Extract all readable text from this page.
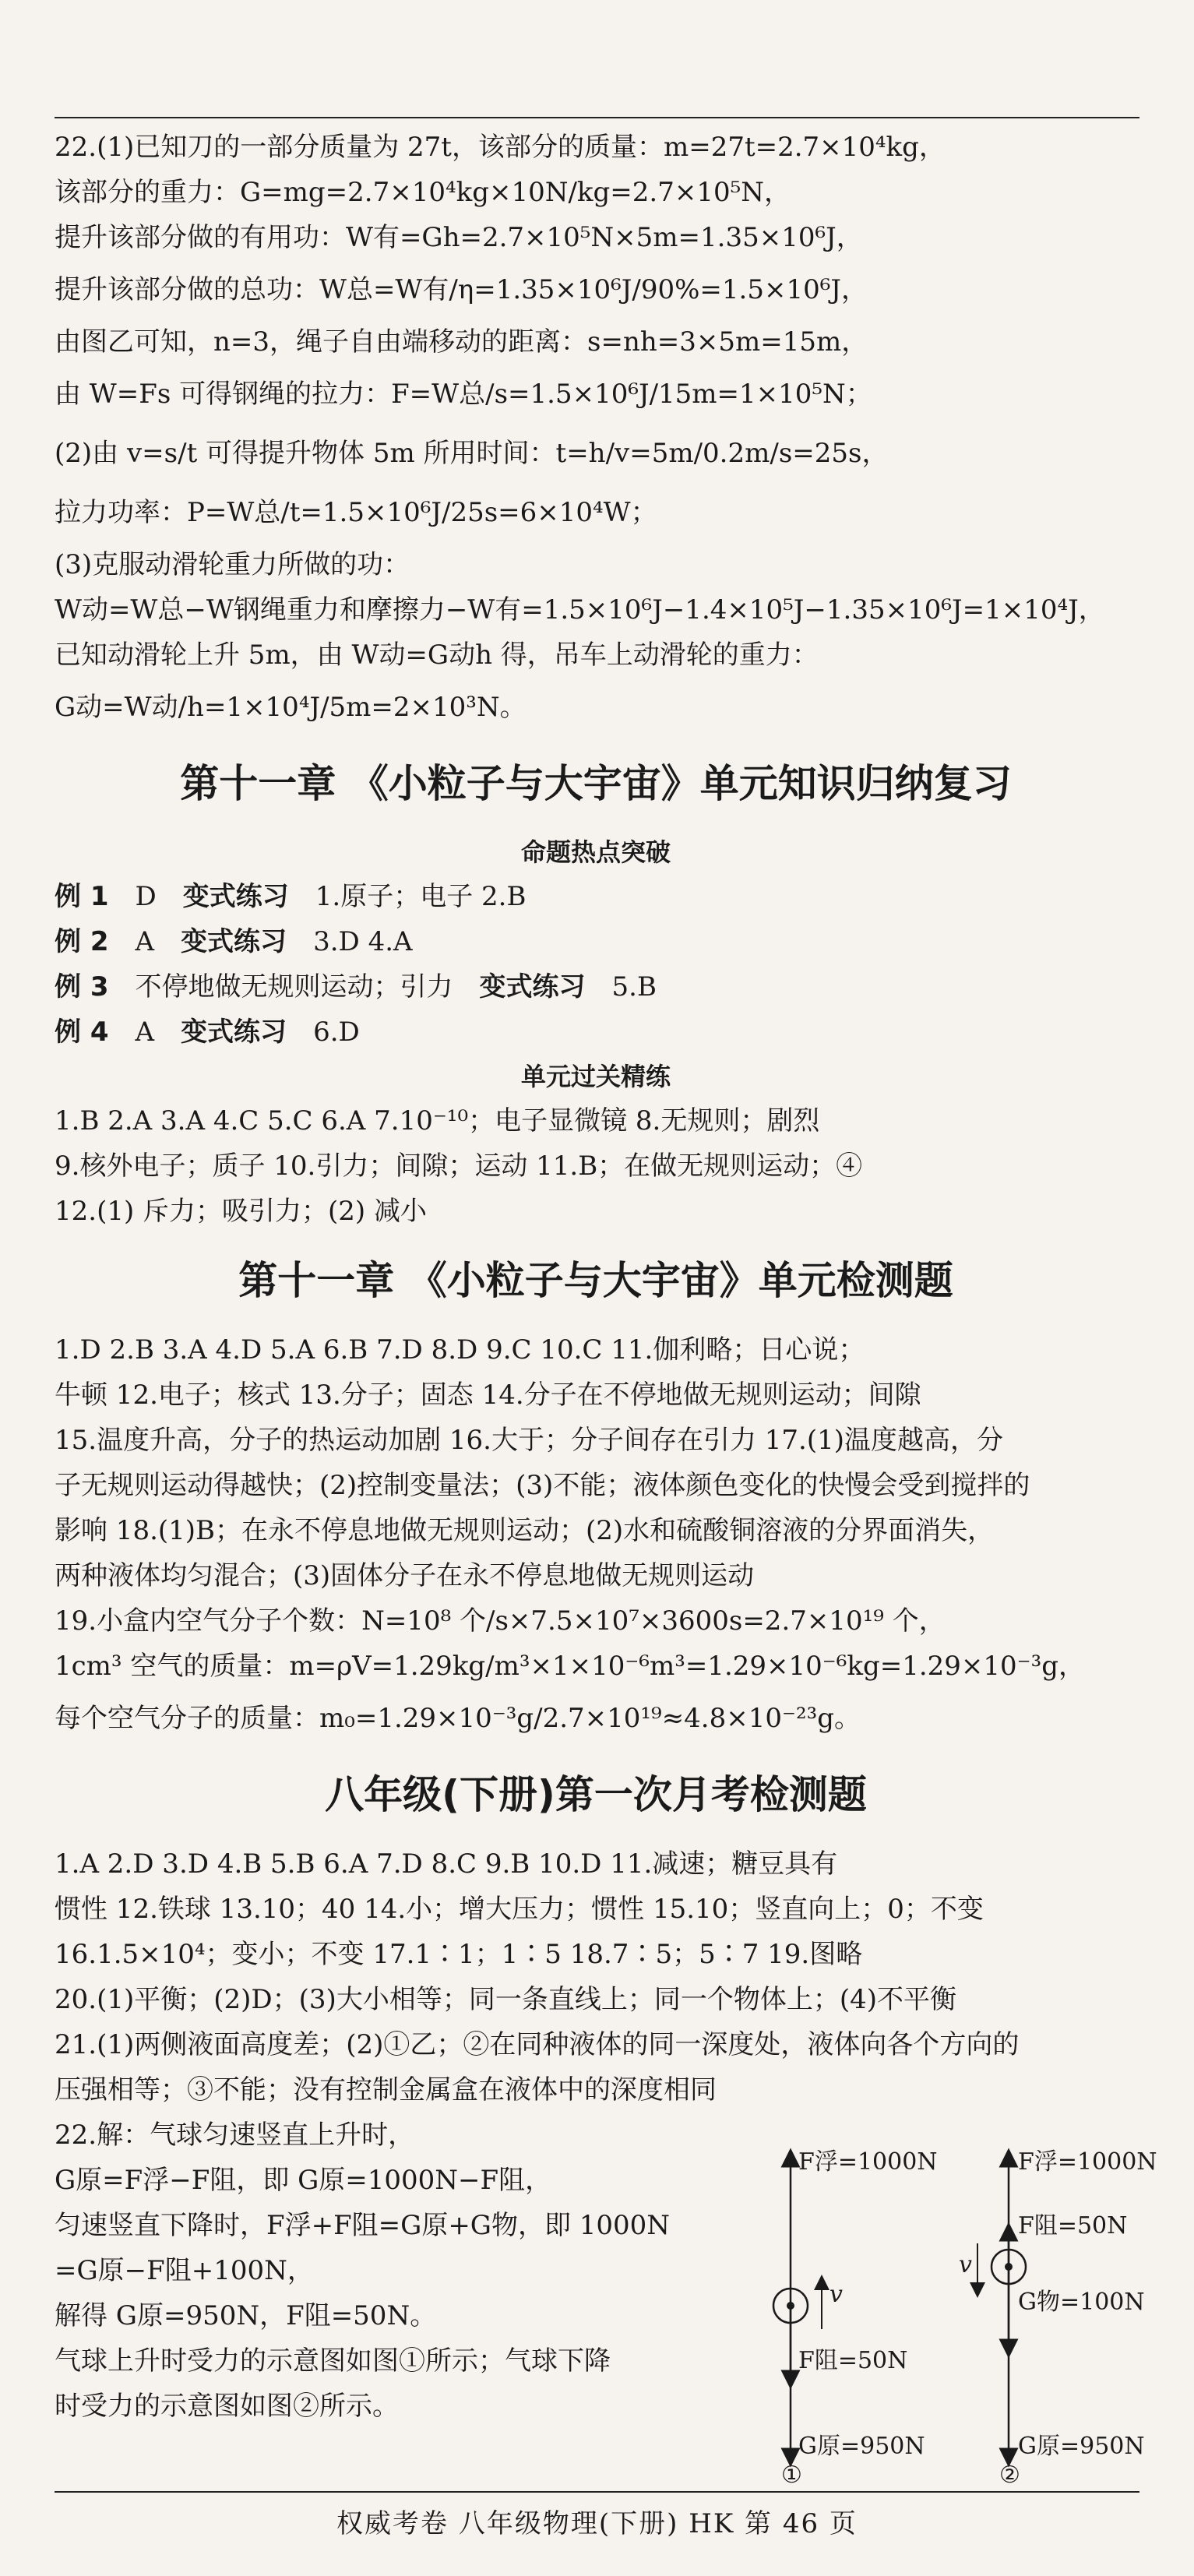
22.(1)已知刀的一部分质量为 27t，该部分的质量：m=27t=2.7×10⁴kg，
该部分的重力：G=mg=2.7×10⁴kg×10N/kg=2.7×10⁵N，
提升该部分做的有用功：W有=Gh=2.7×10⁵N×5m=1.35×10⁶J，
提升该部分做的总功：W总=W有/η=1.35×10⁶J/90%=1.5×10⁶J，
由图乙可知，n=3，绳子自由端移动的距离：s=nh=3×5m=15m，
由 W=Fs 可得钢绳的拉力：F=W总/s=1.5×10⁶J/15m=1×10⁵N；
(2)由 v=s/t 可得提升物体 5m 所用时间：t=h/v=5m/0.2m/s=25s，
拉力功率：P=W总/t=1.5×10⁶J/25s=6×10⁴W；
(3)克服动滑轮重力所做的功：
W动=W总−W钢绳重力和摩擦力−W有=1.5×10⁶J−1.4×10⁵J−1.35×10⁶J=1×10⁴J，
已知动滑轮上升 5m，由 W动=G动h 得，吊车上动滑轮的重力：
G动=W动/h=1×10⁴J/5m=2×10³N。
第十一章 《小粒子与大宇宙》单元知识归纳复习
命题热点突破
例 1  D  变式练习  1.原子；电子 2.B
例 2  A  变式练习  3.D 4.A
例 3  不停地做无规则运动；引力  变式练习  5.B
例 4  A  变式练习  6.D
单元过关精练
1.B 2.A 3.A 4.C 5.C 6.A 7.10⁻¹⁰；电子显微镜 8.无规则；剧烈
9.核外电子；质子 10.引力；间隙；运动 11.B；在做无规则运动；④
12.(1) 斥力；吸引力；(2) 减小
第十一章 《小粒子与大宇宙》单元检测题
1.D 2.B 3.A 4.D 5.A 6.B 7.D 8.D 9.C 10.C 11.伽利略；日心说；
牛顿 12.电子；核式 13.分子；固态 14.分子在不停地做无规则运动；间隙
15.温度升高，分子的热运动加剧 16.大于；分子间存在引力 17.(1)温度越高，分
子无规则运动得越快；(2)控制变量法；(3)不能；液体颜色变化的快慢会受到搅拌的
影响 18.(1)B；在永不停息地做无规则运动；(2)水和硫酸铜溶液的分界面消失，
两种液体均匀混合；(3)固体分子在永不停息地做无规则运动
19.小盒内空气分子个数：N=10⁸ 个/s×7.5×10⁷×3600s=2.7×10¹⁹ 个，
1cm³ 空气的质量：m=ρV=1.29kg/m³×1×10⁻⁶m³=1.29×10⁻⁶kg=1.29×10⁻³g，
每个空气分子的质量：m₀=1.29×10⁻³g/2.7×10¹⁹≈4.8×10⁻²³g。
八年级(下册)第一次月考检测题
1.A 2.D 3.D 4.B 5.B 6.A 7.D 8.C 9.B 10.D 11.减速；糖豆具有
惯性 12.铁球 13.10；40 14.小；增大压力；惯性 15.10；竖直向上；0；不变
16.1.5×10⁴；变小；不变 17.1∶1；1∶5 18.7∶5；5∶7 19.图略
20.(1)平衡；(2)D；(3)大小相等；同一条直线上；同一个物体上；(4)不平衡
21.(1)两侧液面高度差；(2)①乙；②在同种液体的同一深度处，液体向各个方向的
压强相等；③不能；没有控制金属盒在液体中的深度相同
22.解：气球匀速竖直上升时，
G原=F浮−F阻，即 G原=1000N−F阻，
匀速竖直下降时，F浮+F阻=G原+G物，即 1000N
=G原−F阻+100N，
解得 G原=950N，F阻=50N。
气球上升时受力的示意图如图①所示；气球下降
时受力的示意图如图②所示。
F浮=1000N
v
F阻=50N
G原=950N
①
v
F浮=1000N
F阻=50N
G物=100N
G原=950N
②
权威考卷 八年级物理(下册) HK 第 46 页
